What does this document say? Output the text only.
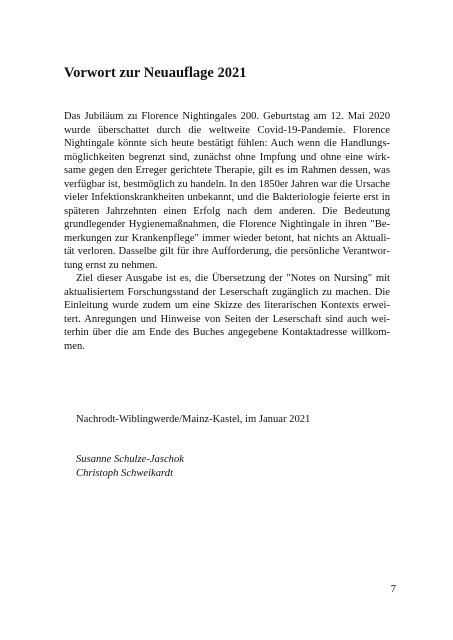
Vorwort zur Neuauflage 2021

Das Jubiläum zu Florence Nightingales 200. Geburtstag am 12. Mai 2020 wurde überschattet durch die weltweite Covid-19-Pandemie. Florence Nightingale könnte sich heute bestätigt fühlen: Auch wenn die Handlungsmöglichkeiten begrenzt sind, zunächst ohne Impfung und ohne eine wirksame gegen den Erreger gerichtete Therapie, gilt es im Rahmen dessen, was verfügbar ist, bestmöglich zu handeln. In den 1850er Jahren war die Ursache vieler Infektionskrankheiten unbekannt, und die Bakteriologie feierte erst in späteren Jahrzehnten einen Erfolg nach dem anderen. Die Bedeutung grundlegender Hygienemaßnahmen, die Florence Nightingale in ihren "Bemerkungen zur Krankenpflege" immer wieder betont, hat nichts an Aktualität verloren. Dasselbe gilt für ihre Aufforderung, die persönliche Verantwortung ernst zu nehmen.

Ziel dieser Ausgabe ist es, die Übersetzung der "Notes on Nursing" mit aktualisiertem Forschungsstand der Leserschaft zugänglich zu machen. Die Einleitung wurde zudem um eine Skizze des literarischen Kontexts erweitert. Anregungen und Hinweise von Seiten der Leserschaft sind auch weiterhin über die am Ende des Buches angegebene Kontaktadresse willkommen.

Nachrodt-Wiblingwerde/Mainz-Kastel, im Januar 2021

Susanne Schulze-Jaschok
Christoph Schweikardt
7
